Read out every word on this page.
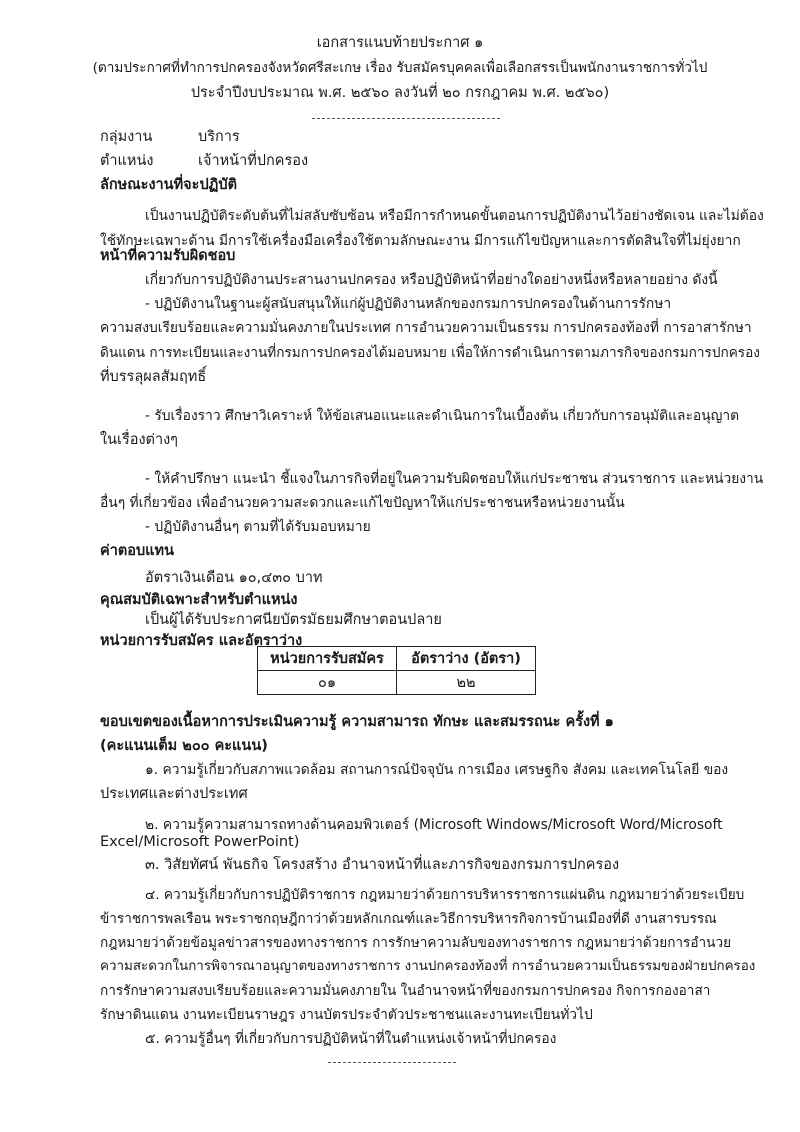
เอกสารแนบท้ายประกาศ ๑
(ตามประกาศที่ทำการปกครองจังหวัดศรีสะเกษ เรื่อง รับสมัครบุคคลเพื่อเลือกสรรเป็นพนักงานราชการทั่วไป
ประจำปีงบประมาณ พ.ศ. ๒๕๖๐ ลงวันที่ ๒๐ กรกฎาคม พ.ศ. ๒๕๖๐)
กลุ่มงาน	บริการ
ตำแหน่ง	เจ้าหน้าที่ปกครอง
ลักษณะงานที่จะปฏิบัติ
เป็นงานปฏิบัติระดับต้นที่ไม่สลับซับซ้อน หรือมีการกำหนดขั้นตอนการปฏิบัติงานไว้อย่างชัดเจน และไม่ต้อง
ใช้ทักษะเฉพาะด้าน มีการใช้เครื่องมือเครื่องใช้ตามลักษณะงาน มีการแก้ไขปัญหาและการตัดสินใจที่ไม่ยุ่งยาก
หน้าที่ความรับผิดชอบ
เกี่ยวกับการปฏิบัติงานประสานงานปกครอง หรือปฏิบัติหน้าที่อย่างใดอย่างหนึ่งหรือหลายอย่าง ดังนี้
- ปฏิบัติงานในฐานะผู้สนับสนุนให้แก่ผู้ปฏิบัติงานหลักของกรมการปกครองในด้านการรักษา
ความสงบเรียบร้อยและความมั่นคงภายในประเทศ การอำนวยความเป็นธรรม การปกครองท้องที่ การอาสารักษา
ดินแดน การทะเบียนและงานที่กรมการปกครองได้มอบหมาย เพื่อให้การดำเนินการตามภารกิจของกรมการปกครอง
ที่บรรลุผลสัมฤทธิ์
- รับเรื่องราว ศึกษาวิเคราะห์ ให้ข้อเสนอแนะและดำเนินการในเบื้องต้น เกี่ยวกับการอนุมัติและอนุญาต
ในเรื่องต่างๆ
- ให้คำปรึกษา แนะนำ ชี้แจงในภารกิจที่อยู่ในความรับผิดชอบให้แก่ประชาชน ส่วนราชการ และหน่วยงาน
อื่นๆ ที่เกี่ยวข้อง เพื่ออำนวยความสะดวกและแก้ไขปัญหาให้แก่ประชาชนหรือหน่วยงานนั้น
- ปฏิบัติงานอื่นๆ ตามที่ได้รับมอบหมาย
ค่าตอบแทน
อัตราเงินเดือน ๑๐,๔๓๐ บาท
คุณสมบัติเฉพาะสำหรับตำแหน่ง
เป็นผู้ได้รับประกาศนียบัตรมัธยมศึกษาตอนปลาย
หน่วยการรับสมัคร และอัตราว่าง
หน่วยการรับสมัคร	อัตราว่าง (อัตรา)
๐๑	๒๒
ขอบเขตของเนื้อหาการประเมินความรู้ ความสามารถ ทักษะ และสมรรถนะ ครั้งที่ ๑
(คะแนนเต็ม ๒๐๐ คะแนน)
๑. ความรู้เกี่ยวกับสภาพแวดล้อม สถานการณ์ปัจจุบัน การเมือง เศรษฐกิจ สังคม และเทคโนโลยี ของ
ประเทศและต่างประเทศ
๒. ความรู้ความสามารถทางด้านคอมพิวเตอร์ (Microsoft Windows/Microsoft Word/Microsoft
Excel/Microsoft PowerPoint)
๓. วิสัยทัศน์ พันธกิจ โครงสร้าง อำนาจหน้าที่และภารกิจของกรมการปกครอง
๔. ความรู้เกี่ยวกับการปฏิบัติราชการ กฎหมายว่าด้วยการบริหารราชการแผ่นดิน กฎหมายว่าด้วยระเบียบ
ข้าราชการพลเรือน พระราชกฤษฎีกาว่าด้วยหลักเกณฑ์และวิธีการบริหารกิจการบ้านเมืองที่ดี งานสารบรรณ
กฎหมายว่าด้วยข้อมูลข่าวสารของทางราชการ การรักษาความลับของทางราชการ กฎหมายว่าด้วยการอำนวย
ความสะดวกในการพิจารณาอนุญาตของทางราชการ งานปกครองท้องที่ การอำนวยความเป็นธรรมของฝ่ายปกครอง
การรักษาความสงบเรียบร้อยและความมั่นคงภายใน ในอำนาจหน้าที่ของกรมการปกครอง กิจการกองอาสา
รักษาดินแดน งานทะเบียนราษฎร งานบัตรประจำตัวประชาชนและงานทะเบียนทั่วไป
๕. ความรู้อื่นๆ ที่เกี่ยวกับการปฏิบัติหน้าที่ในตำแหน่งเจ้าหน้าที่ปกครอง
